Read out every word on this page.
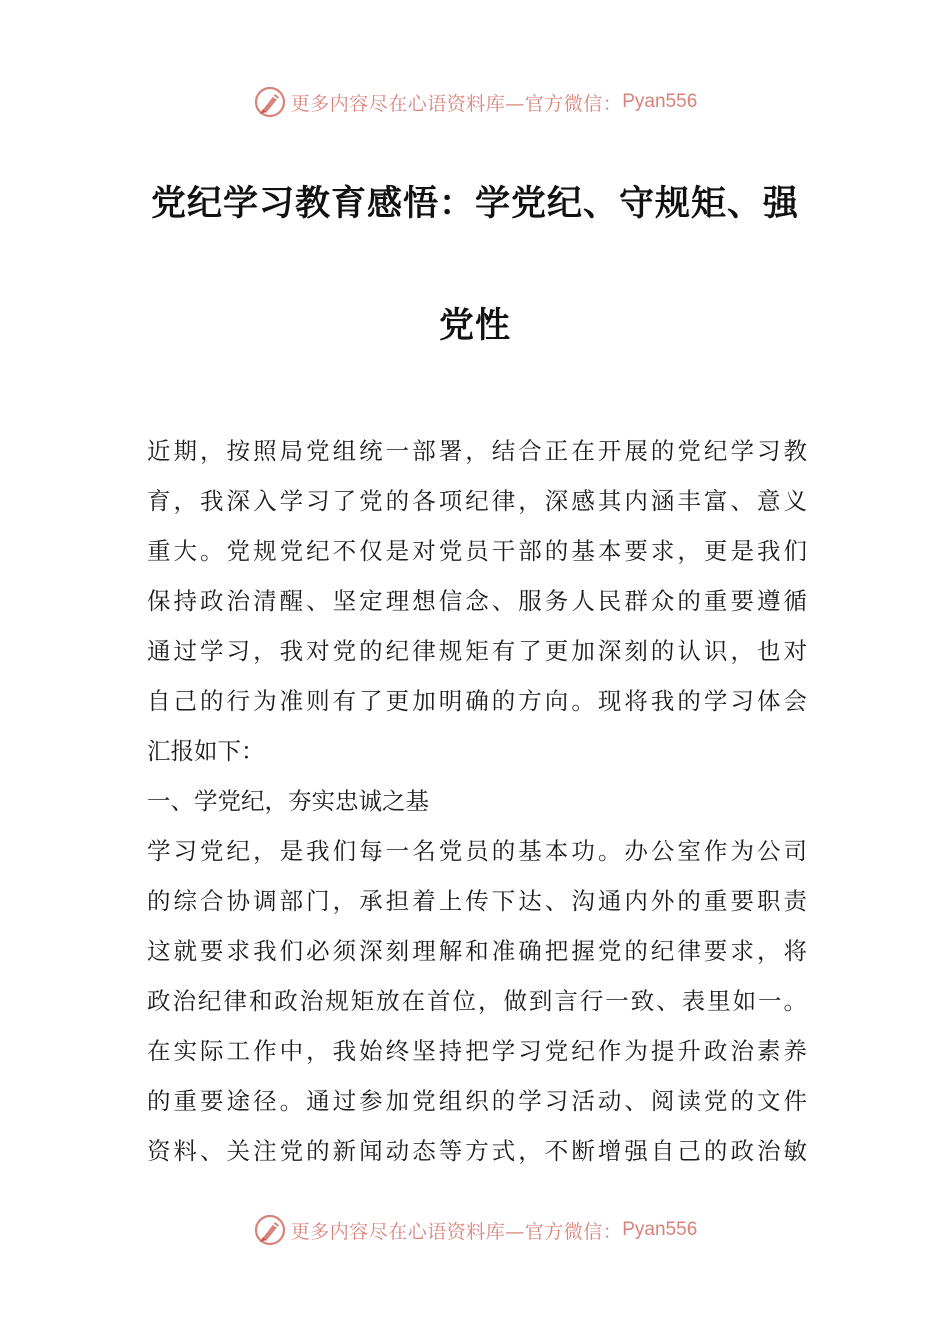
更多内容尽在心语资料库—官方微信： Pyan556
党纪学习教育感悟：学党纪、守规矩、强
党性
近期，按照局党组统一部署，结合正在开展的党纪学习教
育，我深入学习了党的各项纪律，深感其内涵丰富、意义
重大。党规党纪不仅是对党员干部的基本要求，更是我们
保持政治清醒、坚定理想信念、服务人民群众的重要遵循
通过学习，我对党的纪律规矩有了更加深刻的认识，也对
自己的行为准则有了更加明确的方向。现将我的学习体会
汇报如下：
一、学党纪，夯实忠诚之基
学习党纪，是我们每一名党员的基本功。办公室作为公司
的综合协调部门，承担着上传下达、沟通内外的重要职责
这就要求我们必须深刻理解和准确把握党的纪律要求，将
政治纪律和政治规矩放在首位，做到言行一致、表里如一。
在实际工作中，我始终坚持把学习党纪作为提升政治素养
的重要途径。通过参加党组织的学习活动、阅读党的文件
资料、关注党的新闻动态等方式，不断增强自己的政治敏
更多内容尽在心语资料库—官方微信： Pyan556
